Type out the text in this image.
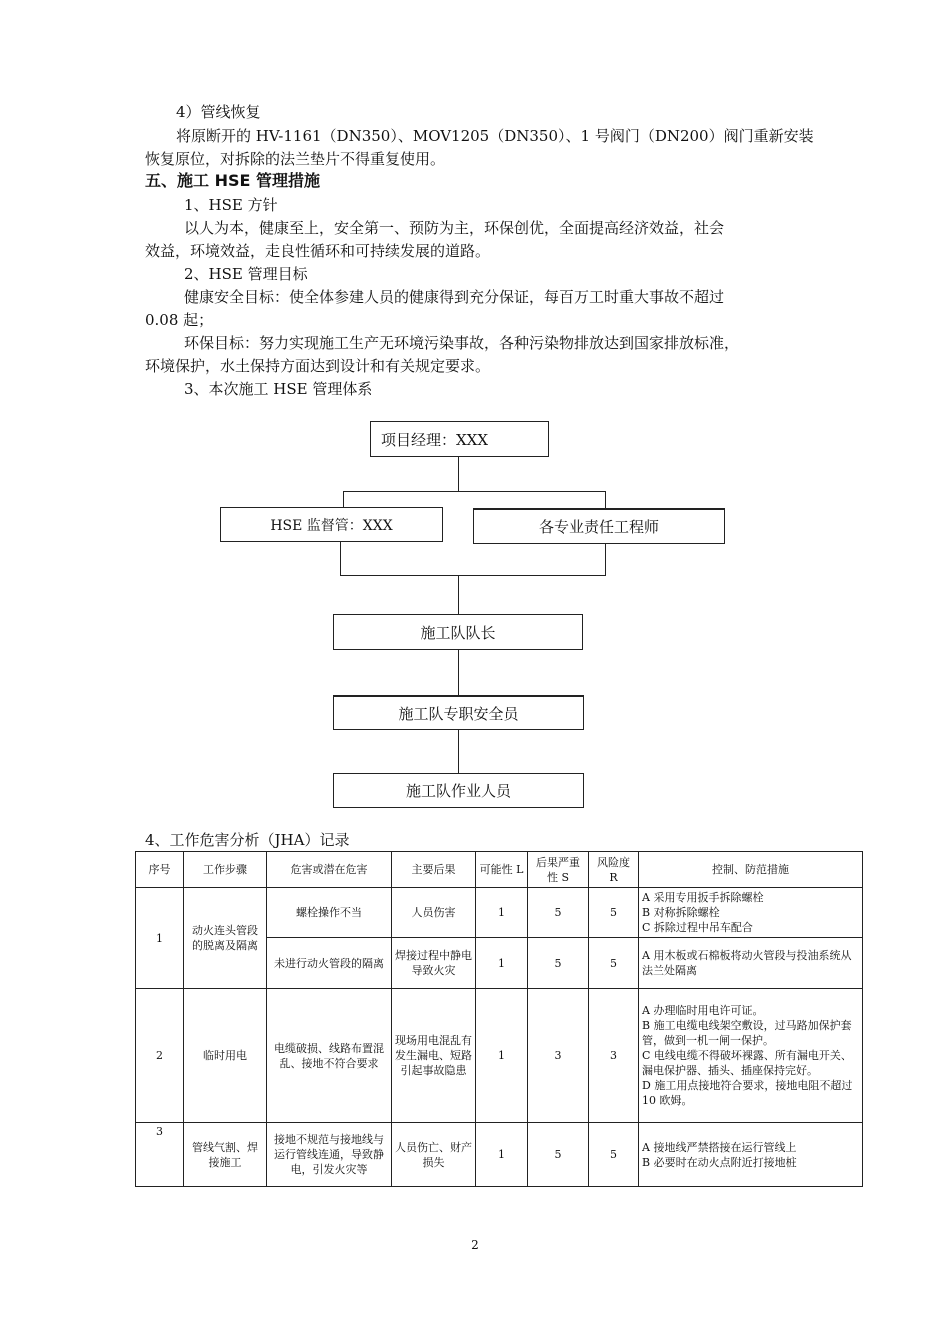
4）管线恢复
将原断开的 HV-1161（DN350）、MOV1205（DN350）、1 号阀门（DN200）阀门重新安装
恢复原位，对拆除的法兰垫片不得重复使用。
五、施工 HSE 管理措施
1、HSE 方针
以人为本，健康至上，安全第一、预防为主，环保创优，全面提高经济效益，社会
效益，环境效益，走良性循环和可持续发展的道路。
2、HSE 管理目标
健康安全目标：使全体参建人员的健康得到充分保证，每百万工时重大事故不超过
0.08 起；
环保目标：努力实现施工生产无环境污染事故，各种污染物排放达到国家排放标准，
环境保护，水土保持方面达到设计和有关规定要求。
3、本次施工 HSE 管理体系
项目经理：XXX
HSE 监督管：XXX	各专业责任工程师
施工队队长
施工队专职安全员
施工队作业人员
4、工作危害分析（JHA）记录
序号	工作步骤	危害或潜在危害	主要后果	可能性 L	后果严重性 S	风险度 R	控制、防范措施
1	动火连头管段的脱离及隔离	螺栓操作不当	人员伤害	1	5	5	A 采用专用扳手拆除螺栓
B 对称拆除螺栓
C 拆除过程中吊车配合

		未进行动火管段的隔离	焊接过程中静电导致火灾	1	5	5	A 用木板或石棉板将动火管段与投油系统从法兰处隔离
2	临时用电	电缆破损、线路布置混乱、接地不符合要求	现场用电混乱有发生漏电、短路引起事故隐患	1	3	3	A 办理临时用电许可证。
B 施工电缆电线架空敷设，过马路加保护套管，做到一机一闸一保护。
C 电线电缆不得破坏裸露、所有漏电开关、漏电保护器、插头、插座保持完好。
D 施工用点接地符合要求，接地电阻不超过 10 欧姆。

3	管线气割、焊接施工	接地不规范与接地线与运行管线连通，导致静电，引发火灾等	人员伤亡、财产损失	1	5	5	A 接地线严禁搭接在运行管线上
B 必要时在动火点附近打接地桩
2
